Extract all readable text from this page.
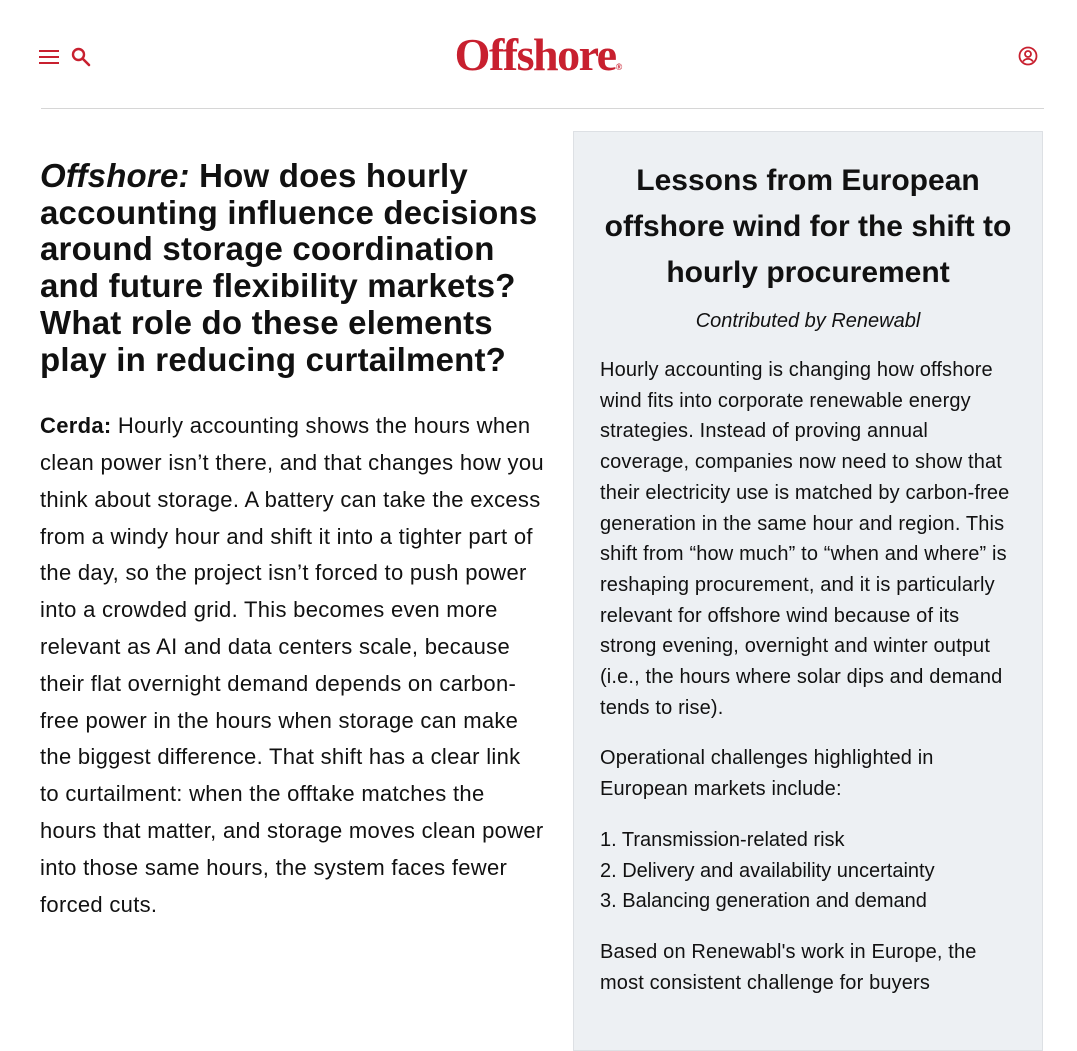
Offshore®
Offshore: How does hourly accounting influence decisions around storage coordination and future flexibility markets? What role do these elements play in reducing curtailment?

Cerda: Hourly accounting shows the hours when clean power isn’t there, and that changes how you think about storage. A battery can take the excess from a windy hour and shift it into a tighter part of the day, so the project isn’t forced to push power into a crowded grid. This becomes even more relevant as AI and data centers scale, because their flat overnight demand depends on carbon-free power in the hours when storage can make the biggest difference. That shift has a clear link to curtailment: when the offtake matches the hours that matter, and storage moves clean power into those same hours, the system faces fewer forced cuts.

Lessons from European offshore wind for the shift to hourly procurement
Contributed by Renewabl

Hourly accounting is changing how offshore wind fits into corporate renewable energy strategies. Instead of proving annual coverage, companies now need to show that their electricity use is matched by carbon-free generation in the same hour and region. This shift from “how much” to “when and where” is reshaping procurement, and it is particularly relevant for offshore wind because of its strong evening, overnight and winter output (i.e., the hours where solar dips and demand tends to rise).

Operational challenges highlighted in European markets include:

1. Transmission-related risk
2. Delivery and availability uncertainty
3. Balancing generation and demand

Based on Renewabl's work in Europe, the most consistent challenge for buyers
